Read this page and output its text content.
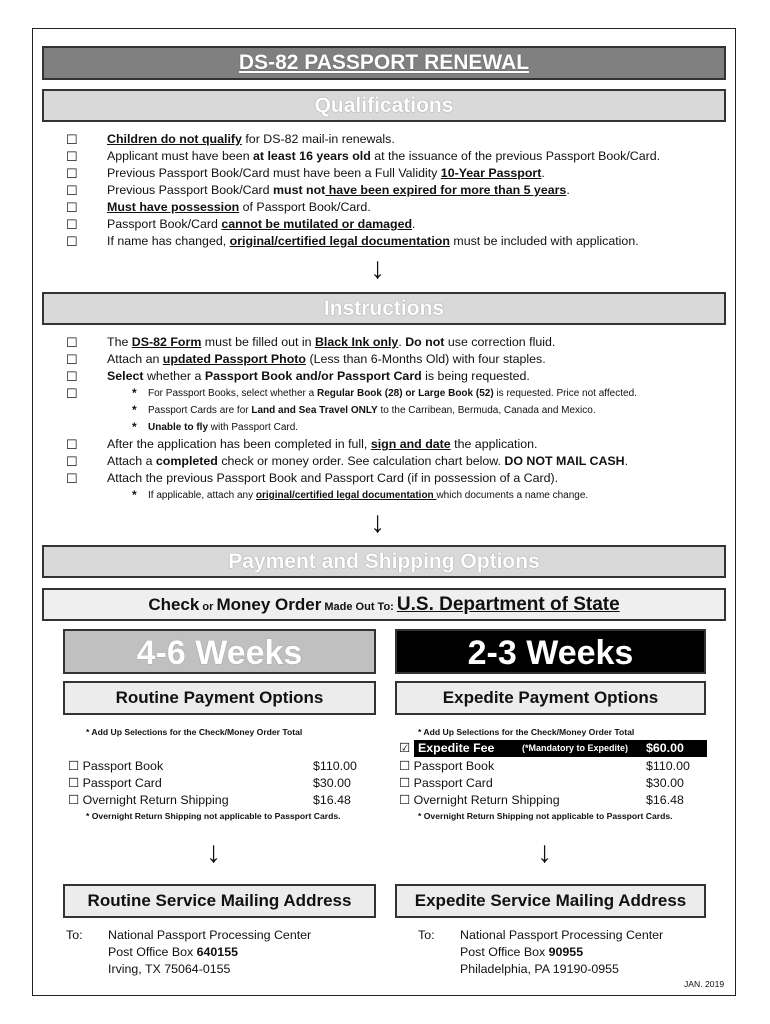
DS-82 PASSPORT RENEWAL
Qualifications
☐ Children do not qualify for DS-82 mail-in renewals.
☐ Applicant must have been at least 16 years old at the issuance of the previous Passport Book/Card.
☐ Previous Passport Book/Card must have been a Full Validity 10-Year Passport.
☐ Previous Passport Book/Card must not have been expired for more than 5 years.
☐ Must have possession of Passport Book/Card.
☐ Passport Book/Card cannot be mutilated or damaged.
☐ If name has changed, original/certified legal documentation must be included with application.
↓
Instructions
☐ The DS-82 Form must be filled out in Black Ink only. Do not use correction fluid.
☐ Attach an updated Passport Photo (Less than 6-Months Old) with four staples.
☐ Select whether a Passport Book and/or Passport Card is being requested.
☐	* For Passport Books, select whether a Regular Book (28) or Large Book (52) is requested. Price not affected.
* Passport Cards are for Land and Sea Travel ONLY to the Carribean, Bermuda, Canada and Mexico.
* Unable to fly with Passport Card.
☐ After the application has been completed in full, sign and date the application.
☐ Attach a completed check or money order. See calculation chart below. DO NOT MAIL CASH.
☐ Attach the previous Passport Book and Passport Card (if in possession of a Card).
* If applicable, attach any original/certified legal documentation which documents a name change.
↓
Payment and Shipping Options
Check or Money Order Made Out To: U.S. Department of State
4-6 Weeks	2-3 Weeks
Routine Payment Options	Expedite Payment Options
* Add Up Selections for the Check/Money Order Total	* Add Up Selections for the Check/Money Order Total
☐ Passport Book	$110.00
☐ Passport Card	$30.00
☐ Overnight Return Shipping	$16.48
* Overnight Return Shipping not applicable to Passport Cards.
☑ Expedite Fee	(*Mandatory to Expedite) $60.00
☐ Passport Book	$110.00
☐ Passport Card	$30.00
☐ Overnight Return Shipping	$16.48
* Overnight Return Shipping not applicable to Passport Cards.
↓	↓
Routine Service Mailing Address	Expedite Service Mailing Address
To: National Passport Processing Center
Post Office Box 640155
Irving, TX 75064-0155
To: National Passport Processing Center
Post Office Box 90955
Philadelphia, PA 19190-0955
JAN. 2019
